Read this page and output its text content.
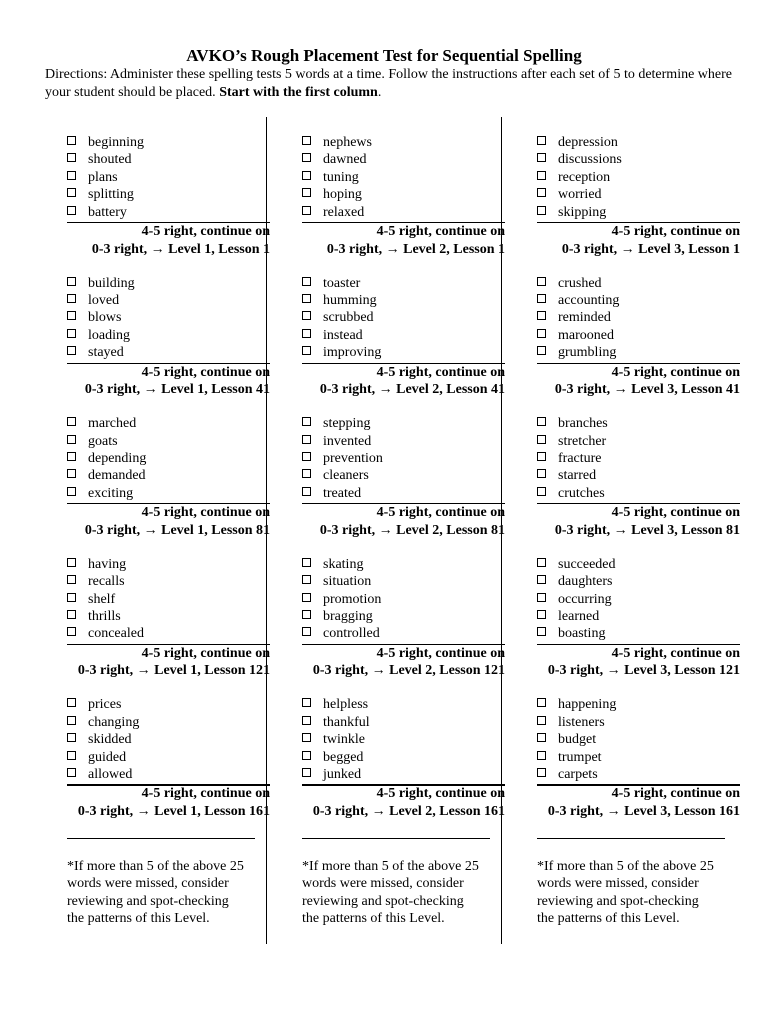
AVKO’s Rough Placement Test for Sequential Spelling

Directions: Administer these spelling tests 5 words at a time. Follow the instructions after each set of 5 to determine where your student should be placed. Start with the first column.

beginning
shouted
plans
splitting
battery
4-5 right, continue on
0-3 right, → Level 1, Lesson 1
building
loved
blows
loading
stayed
4-5 right, continue on
0-3 right, → Level 1, Lesson 41
marched
goats
depending
demanded
exciting
4-5 right, continue on
0-3 right, → Level 1, Lesson 81
having
recalls
shelf
thrills
concealed
4-5 right, continue on
0-3 right, → Level 1, Lesson 121
prices
changing
skidded
guided
allowed
4-5 right, continue on
0-3 right, → Level 1, Lesson 161
*If more than 5 of the above 25 words were missed, consider reviewing and spot-checking the patterns of this Level.
nephews
dawned
tuning
hoping
relaxed
4-5 right, continue on
0-3 right, → Level 2, Lesson 1
toaster
humming
scrubbed
instead
improving
4-5 right, continue on
0-3 right, → Level 2, Lesson 41
stepping
invented
prevention
cleaners
treated
4-5 right, continue on
0-3 right, → Level 2, Lesson 81
skating
situation
promotion
bragging
controlled
4-5 right, continue on
0-3 right, → Level 2, Lesson 121
helpless
thankful
twinkle
begged
junked
4-5 right, continue on
0-3 right, → Level 2, Lesson 161
*If more than 5 of the above 25 words were missed, consider reviewing and spot-checking the patterns of this Level.
depression
discussions
reception
worried
skipping
4-5 right, continue on
0-3 right, → Level 3, Lesson 1
crushed
accounting
reminded
marooned
grumbling
4-5 right, continue on
0-3 right, → Level 3, Lesson 41
branches
stretcher
fracture
starred
crutches
4-5 right, continue on
0-3 right, → Level 3, Lesson 81
succeeded
daughters
occurring
learned
boasting
4-5 right, continue on
0-3 right, → Level 3, Lesson 121
happening
listeners
budget
trumpet
carpets
4-5 right, continue on
0-3 right, → Level 3, Lesson 161
*If more than 5 of the above 25 words were missed, consider reviewing and spot-checking the patterns of this Level.
